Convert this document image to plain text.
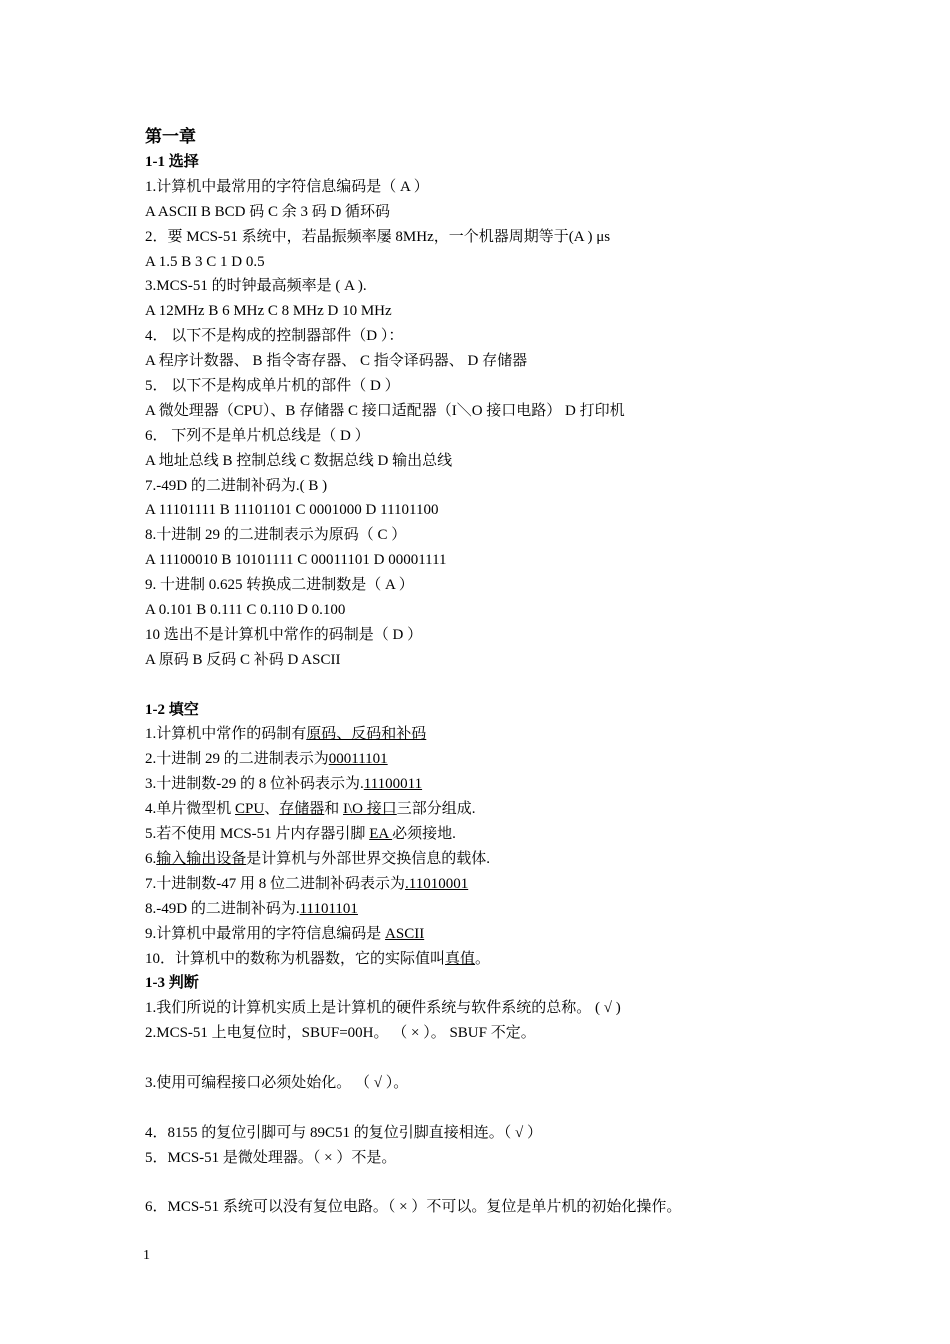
第一章
1-1 选择
1.计算机中最常用的字符信息编码是（ A ）
A ASCII B BCD 码 C 余 3 码 D 循环码
2．要 MCS-51 系统中，若晶振频率屡 8MHz，一个机器周期等于(A ) μs
A 1.5 B 3 C 1 D 0.5
3.MCS-51 的时钟最高频率是 ( A ).
A 12MHz B 6 MHz C 8 MHz D 10 MHz
4． 以下不是构成的控制器部件（D ）：
A 程序计数器、 B 指令寄存器、 C 指令译码器、 D 存储器
5． 以下不是构成单片机的部件（ D ）
A 微处理器（CPU）、B 存储器 C 接口适配器（I＼O 接口电路） D 打印机
6． 下列不是单片机总线是（ D ）
A 地址总线 B 控制总线 C 数据总线 D 输出总线
7.-49D 的二进制补码为.( B )
A 11101111 B 11101101 C 0001000 D 11101100
8.十进制 29 的二进制表示为原码（ C ）
A 11100010 B 10101111 C 00011101 D 00001111
9. 十进制 0.625 转换成二进制数是（ A ）
A 0.101 B 0.111 C 0.110 D 0.100
10 选出不是计算机中常作的码制是（ D ）
A 原码 B 反码 C 补码 D ASCII
1-2 填空
1.计算机中常作的码制有原码、反码和补码
2.十进制 29 的二进制表示为00011101
3.十进制数-29 的 8 位补码表示为.11100011
4.单片微型机 CPU、存储器和 I\O 接口三部分组成.
5.若不使用 MCS-51 片内存器引脚 EA 必须接地.
6.输入输出设备是计算机与外部世界交换信息的载体.
7.十进制数-47 用 8 位二进制补码表示为.11010001
8.-49D 的二进制补码为.11101101
9.计算机中最常用的字符信息编码是 ASCII
10．计算机中的数称为机器数，它的实际值叫真值。
1-3 判断
1.我们所说的计算机实质上是计算机的硬件系统与软件系统的总称。 ( √ )
2.MCS-51 上电复位时，SBUF=00H。 （ × ）。 SBUF 不定。
3.使用可编程接口必须处始化。 （ √ ）。
4．8155 的复位引脚可与 89C51 的复位引脚直接相连。（ √ ）
5．MCS-51 是微处理器。（ × ）不是。
6．MCS-51 系统可以没有复位电路。（ × ）不可以。复位是单片机的初始化操作。
1
